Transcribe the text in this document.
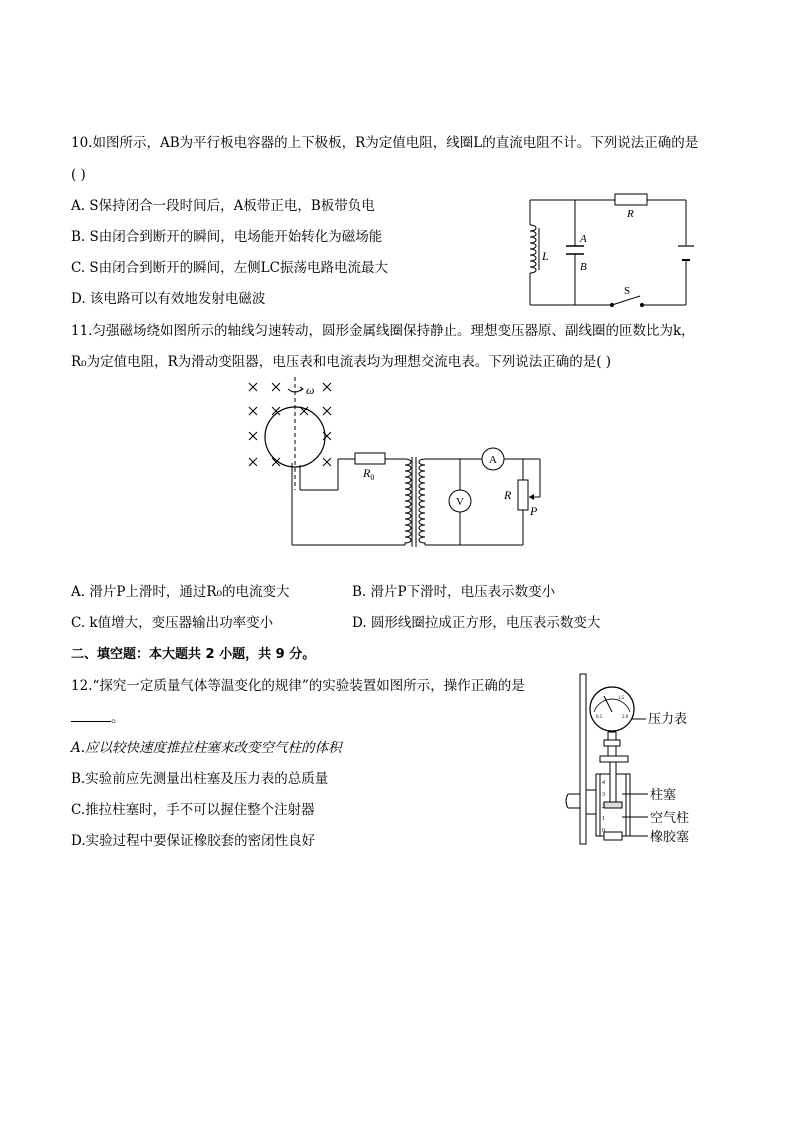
10.如图所示，AB为平行板电容器的上下极板，R为定值电阻，线圈L的直流电阻不计。下列说法正确的是
( )
A. S保持闭合一段时间后，A板带正电，B板带负电
B. S由闭合到断开的瞬间，电场能开始转化为磁场能
C. S由闭合到断开的瞬间，左侧LC振荡电路电流最大
D. 该电路可以有效地发射电磁波
L
A
B
R
S
11.匀强磁场绕如图所示的轴线匀速转动，圆形金属线圈保持静止。理想变压器原、副线圈的匝数比为k，
R₀为定值电阻，R为滑动变阻器，电压表和电流表均为理想交流电表。下列说法正确的是( )
ω
$R_0$
V
A
R
P
A. 滑片P上滑时，通过R₀的电流变大	B. 滑片P下滑时，电压表示数变小
C. k值增大，变压器输出功率变小	D. 圆形线圈拉成正方形，电压表示数变大
二、填空题：本大题共 2 小题，共 9 分。
12.“探究一定质量气体等温变化的规律”的实验装置如图所示，操作正确的是
。
A.应以较快速度推拉柱塞来改变空气柱的体积
B.实验前应先测量出柱塞及压力表的总质量
C.推拉柱塞时，手不可以握住整个注射器
D.实验过程中要保证橡胶套的密闭性良好
0.5
1.5
2.0
4
3
2
1
0
压力表
柱塞
空气柱
橡胶塞
